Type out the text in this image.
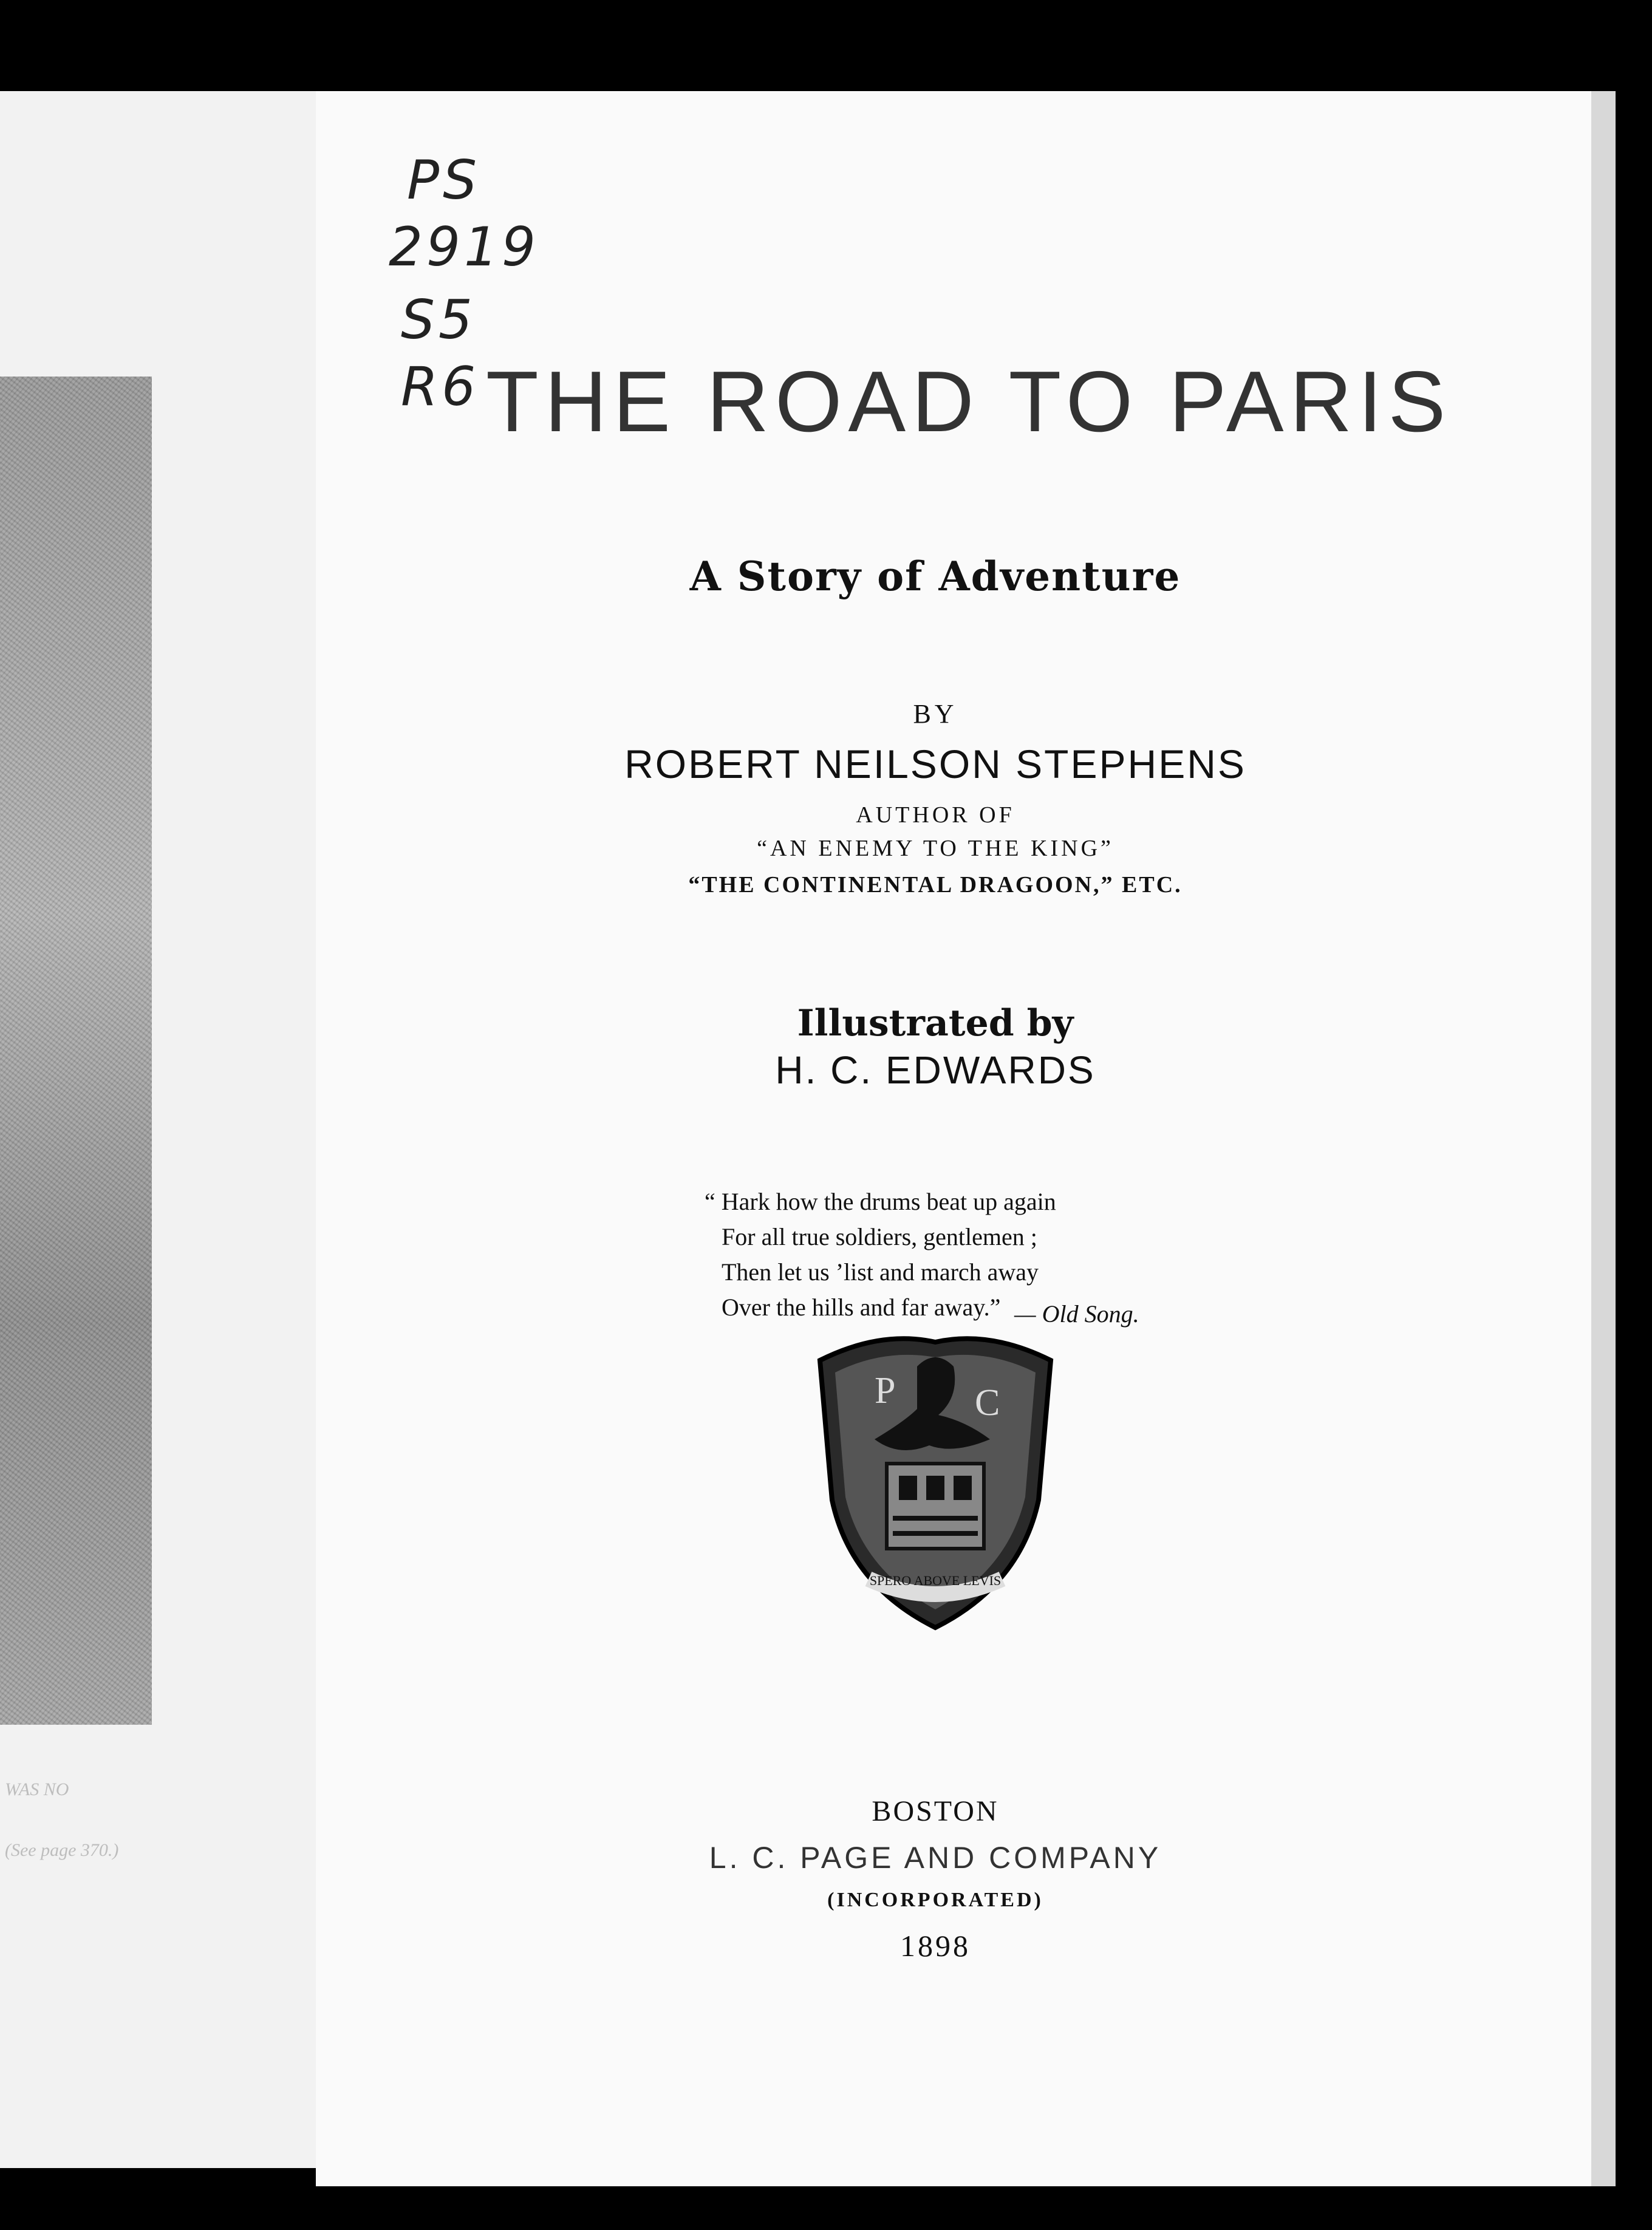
WAS NO
(See page 370.)
PS
2919
S5
R6 THE ROAD TO PARIS
A Story of Adventure
BY
ROBERT NEILSON STEPHENS
AUTHOR OF
“AN ENEMY TO THE KING”
“THE CONTINENTAL DRAGOON,” ETC.
Illustrated by
H. C. EDWARDS
“ Hark how the drums beat up again
For all true soldiers, gentlemen ;
Then let us ’list and march away
Over the hills and far away.” — Old Song.
P C
SPERO ABOVE LEVIS
BOSTON
L. C. PAGE AND COMPANY
(INCORPORATED)
1898
